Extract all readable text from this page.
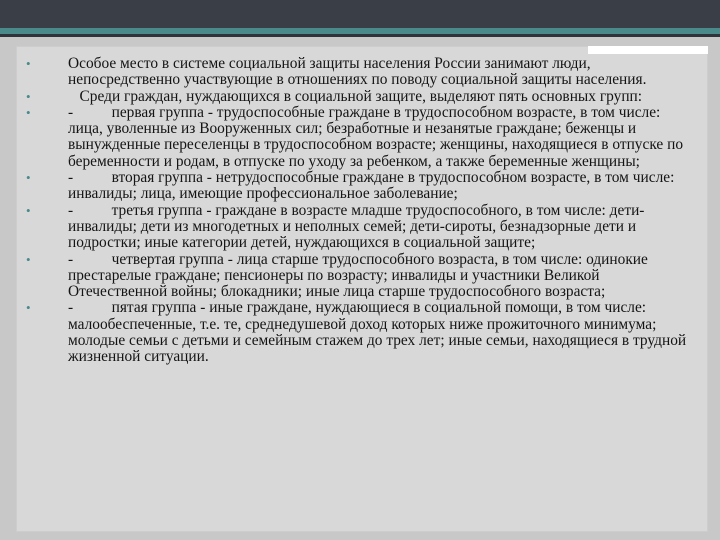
• Особое место в системе социальной защиты населения России занимают люди, непосредственно участвующие в отношениях по поводу социальной защиты населения.
• Среди граждан, нуждающихся в социальной защите, выделяют пять основных групп:
• -          первая группа - трудоспособные граждане в трудоспособном возрасте, в том числе: лица, уволенные из Вооруженных сил; безработные и незанятые граждане; беженцы и вынужденные переселенцы в трудоспособном возрасте; женщины, находящиеся в отпуске по беременности и родам, в отпуске по уходу за ребенком, а также беременные женщины;
• -          вторая группа - нетрудоспособные граждане в трудоспособном возрасте, в том числе: инвалиды; лица, имеющие профессиональное заболевание;
• -          третья группа - граждане в возрасте младше трудоспособного, в том числе: дети- инвалиды; дети из многодетных и неполных семей; дети-сироты, безнадзорные дети и подростки; иные категории детей, нуждающихся в социальной защите;
• -          четвертая группа - лица старше трудоспособного возраста, в том числе: одинокие престарелые граждане; пенсионеры по возрасту; инвалиды и участники Великой Отечественной войны; блокадники; иные лица старше трудоспособного возраста;
• -          пятая группа - иные граждане, нуждающиеся в социальной помощи, в том числе: малообеспеченные, т.е. те, среднедушевой доход которых ниже прожиточного минимума; молодые семьи с детьми и семейным стажем до трех лет; иные семьи, находящиеся в трудной жизненной ситуации.
